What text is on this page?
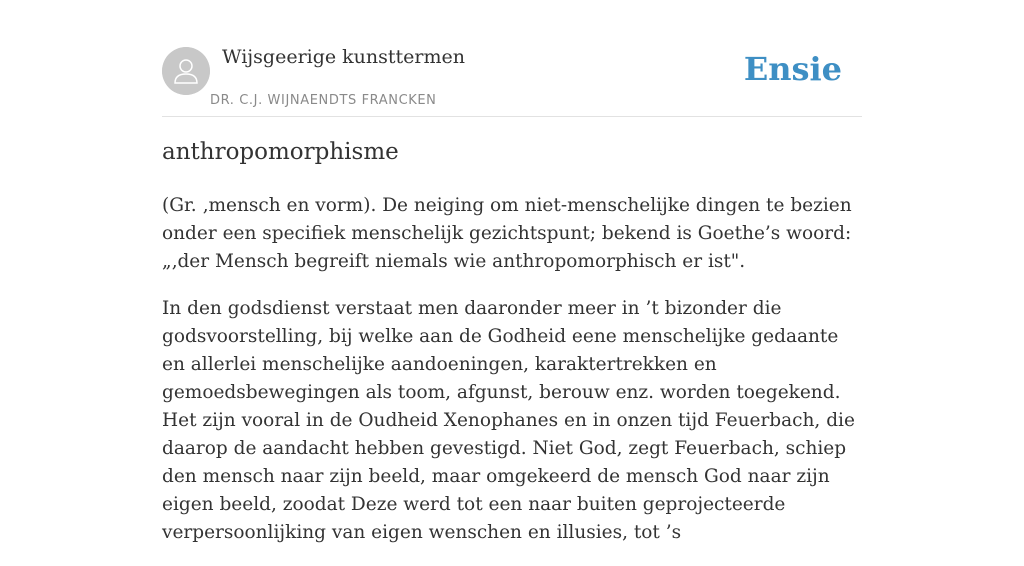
Wijsgeerige kunsttermen
DR. C.J. WIJNAENDTS FRANCKEN
Ensie
anthropomorphisme

(Gr. ‚mensch en vorm). De neiging om niet-menschelijke dingen te bezien onder een specifiek menschelijk gezichtspunt; bekend is Goethe’s woord: „‚der Mensch begreift niemals wie anthropomorphisch er ist".

In den godsdienst verstaat men daaronder meer in ’t bizonder die godsvoorstelling, bij welke aan de Godheid eene menschelijke gedaante en allerlei menschelijke aandoeningen, karaktertrekken en gemoedsbewegingen als toom, afgunst, berouw enz. worden toegekend. Het zijn vooral in de Oudheid Xenophanes en in onzen tijd Feuerbach, die daarop de aandacht hebben gevestigd. Niet God, zegt Feuerbach, schiep den mensch naar zijn beeld, maar omgekeerd de mensch God naar zijn eigen beeld, zoodat Deze werd tot een naar buiten geprojecteerde verpersoonlijking van eigen wenschen en illusies, tot ’s
